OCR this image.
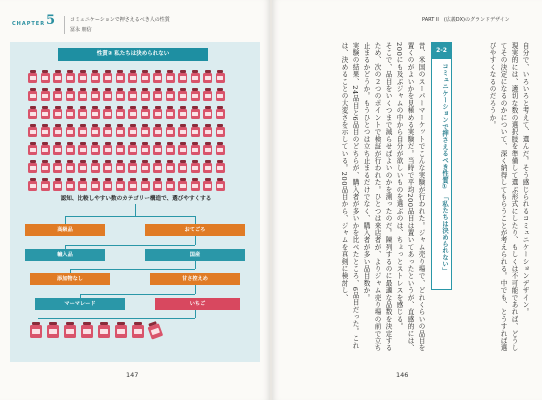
CHAPTER 5	コミュニケーションで押さえるべき人の性質
冨永 朋信
性質② 私たちは決められない
認知、比較しやすい数のカテゴリー構造で、選びやすくする
高級品	おてごろ
輸入品	国産
添加物なし	甘さ控えめ
マーマレード	いちご
147
PART II　(広義DX)のグランドデザイン

自分で、いろいろと考えて、選んだ。そう感じられるコミュニケーションデザイン。

現実的には、適切な数の選択肢を準備して選ぶ形式にしたり、もしくは不可能であれば、どうしてその決定になるのかについて、深く納得してもらうことが考えられる。中でも、とうすれば選びやすくなるのだろうか。

2-2
コミュニケーションで押さえるべき性質① 「私たちは決められない」

昔、米国のスーパーマーケットでこんな実験が行われた。ジャム売り場で、どれくらいの品目を置くのがよいかを見極める実験だ。当時で平均200品目は置いてあったというが、直感的には、200にも及ぶジャムの中から自分が欲しいものを選ぶのは、ちょっとストレスを感じる。

そこで、品目をいくつまで減らせばよいのかを測ったのだ。陳列するのに最適な品数を決定するため、次の２つのポイントで検証が行われた。ひとつは来店者が、よりジャム売り場の前で立ち止まるかどうか。もうひとつは立ち止まるだけでなく、購入者が多い品目数か。

実験の結果、24品目と6品目のどちらが、購入者が多いかを比べたところ、6品目だった。これは、決めることの大変さを示している。200品目から、ジャムを真剣に検討し、

146
